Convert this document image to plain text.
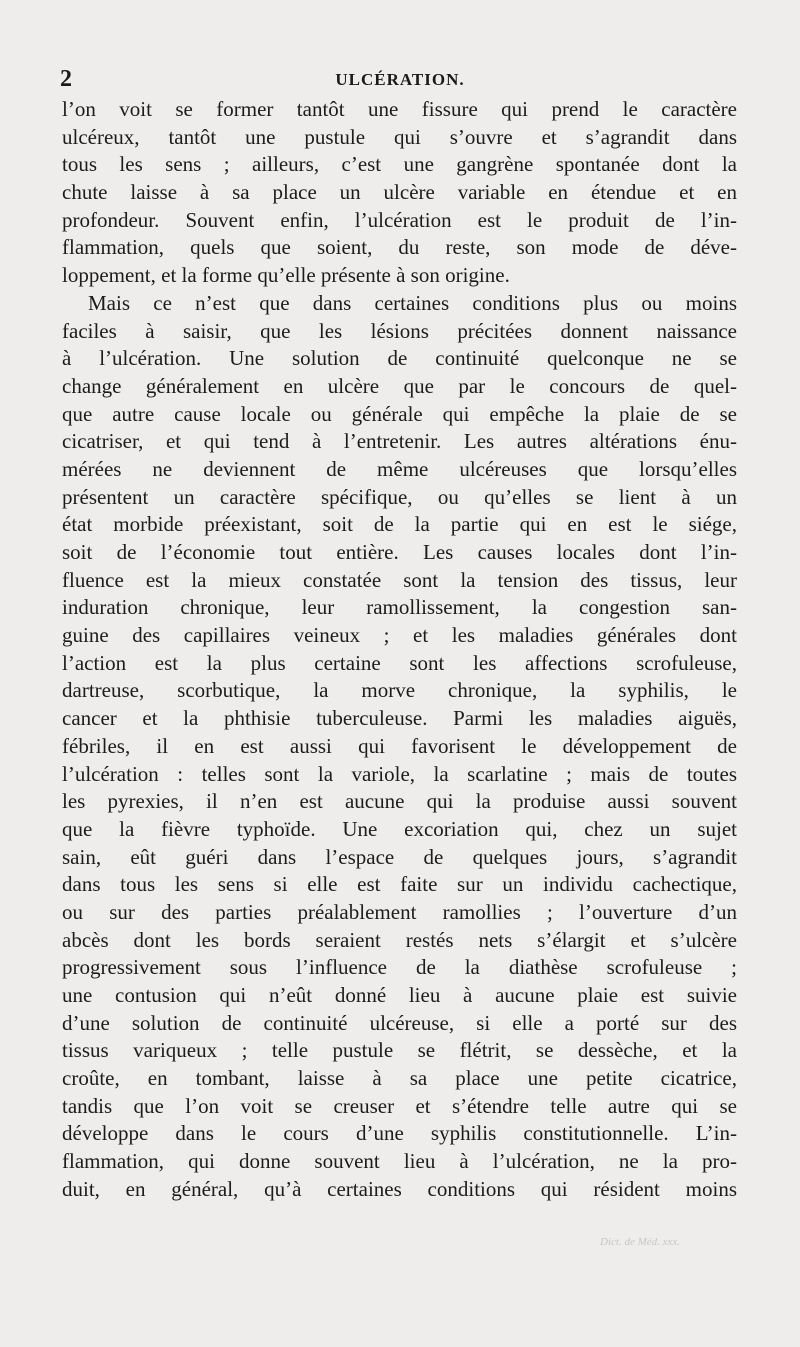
2	ULCÉRATION.
l’on voit se former tantôt une fissure qui prend le caractère
ulcéreux, tantôt une pustule qui s’ouvre et s’agrandit dans
tous les sens ; ailleurs, c’est une gangrène spontanée dont la
chute laisse à sa place un ulcère variable en étendue et en
profondeur. Souvent enfin, l’ulcération est le produit de l’in-
flammation, quels que soient, du reste, son mode de déve-
loppement, et la forme qu’elle présente à son origine.
Mais ce n’est que dans certaines conditions plus ou moins
faciles à saisir, que les lésions précitées donnent naissance
à l’ulcération. Une solution de continuité quelconque ne se
change généralement en ulcère que par le concours de quel-
que autre cause locale ou générale qui empêche la plaie de se
cicatriser, et qui tend à l’entretenir. Les autres altérations énu-
mérées ne deviennent de même ulcéreuses que lorsqu’elles
présentent un caractère spécifique, ou qu’elles se lient à un
état morbide préexistant, soit de la partie qui en est le siége,
soit de l’économie tout entière. Les causes locales dont l’in-
fluence est la mieux constatée sont la tension des tissus, leur
induration chronique, leur ramollissement, la congestion san-
guine des capillaires veineux ; et les maladies générales dont
l’action est la plus certaine sont les affections scrofuleuse,
dartreuse, scorbutique, la morve chronique, la syphilis, le
cancer et la phthisie tuberculeuse. Parmi les maladies aiguës,
fébriles, il en est aussi qui favorisent le développement de
l’ulcération : telles sont la variole, la scarlatine ; mais de toutes
les pyrexies, il n’en est aucune qui la produise aussi souvent
que la fièvre typhoïde. Une excoriation qui, chez un sujet
sain, eût guéri dans l’espace de quelques jours, s’agrandit
dans tous les sens si elle est faite sur un individu cachectique,
ou sur des parties préalablement ramollies ; l’ouverture d’un
abcès dont les bords seraient restés nets s’élargit et s’ulcère
progressivement sous l’influence de la diathèse scrofuleuse ;
une contusion qui n’eût donné lieu à aucune plaie est suivie
d’une solution de continuité ulcéreuse, si elle a porté sur des
tissus variqueux ; telle pustule se flétrit, se dessèche, et la
croûte, en tombant, laisse à sa place une petite cicatrice,
tandis que l’on voit se creuser et s’étendre telle autre qui se
développe dans le cours d’une syphilis constitutionnelle. L’in-
flammation, qui donne souvent lieu à l’ulcération, ne la pro-
duit, en général, qu’à certaines conditions qui résident moins
Dict. de Méd. xxx.
